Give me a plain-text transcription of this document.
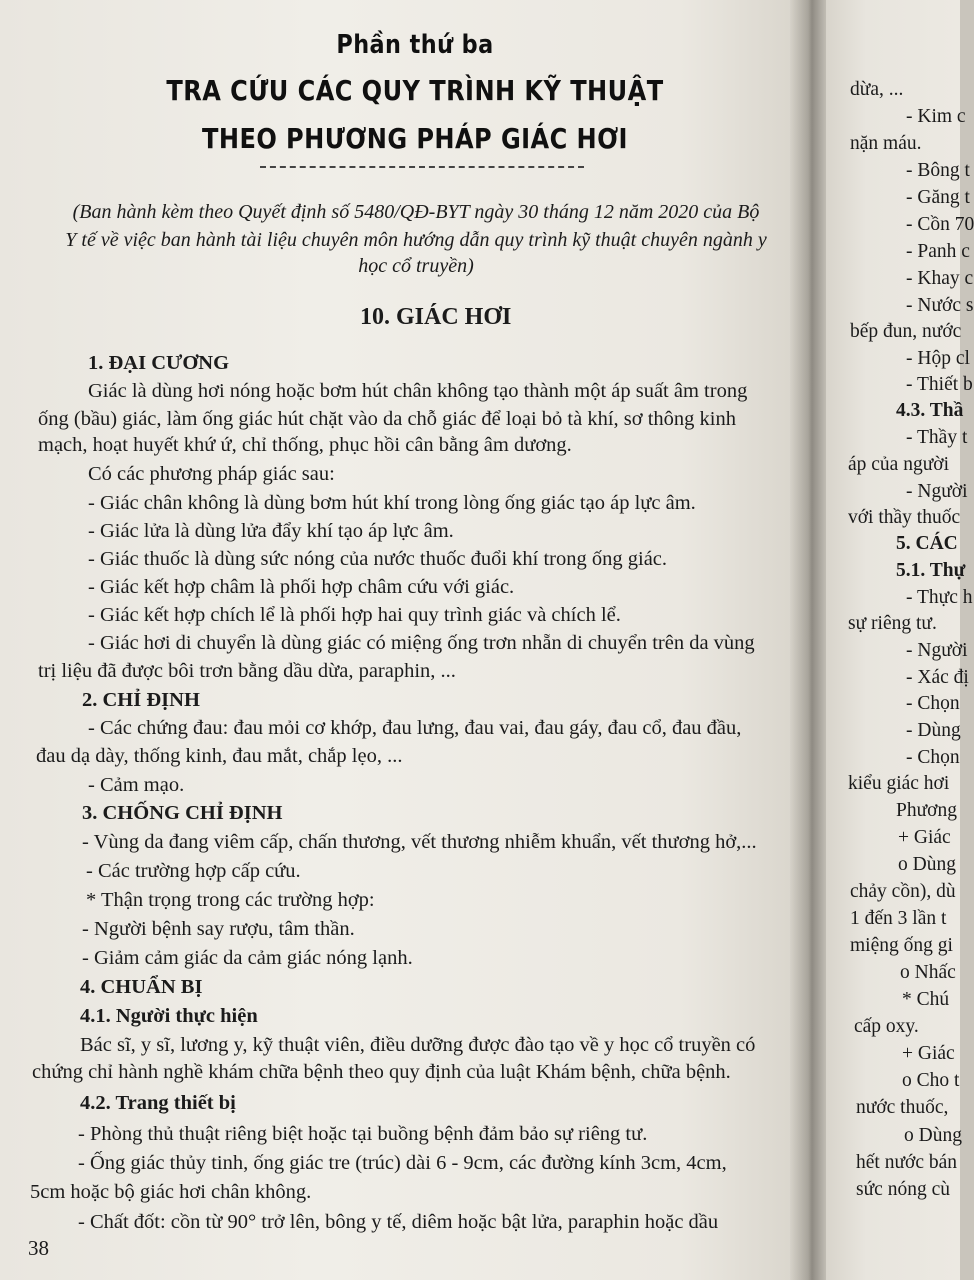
Phần thứ ba
TRA CỨU CÁC QUY TRÌNH KỸ THUẬT
THEO PHƯƠNG PHÁP GIÁC HƠI
(Ban hành kèm theo Quyết định số 5480/QĐ-BYT ngày 30 tháng 12 năm 2020 của Bộ
Y tế về việc ban hành tài liệu chuyên môn hướng dẫn quy trình kỹ thuật chuyên ngành y
học cổ truyền)
10. GIÁC HƠI
1. ĐẠI CƯƠNG
Giác là dùng hơi nóng hoặc bơm hút chân không tạo thành một áp suất âm trong
ống (bầu) giác, làm ống giác hút chặt vào da chỗ giác để loại bỏ tà khí, sơ thông kinh
mạch, hoạt huyết khứ ứ, chỉ thống, phục hồi cân bằng âm dương.
Có các phương pháp giác sau:
- Giác chân không là dùng bơm hút khí trong lòng ống giác tạo áp lực âm.
- Giác lửa là dùng lửa đẩy khí tạo áp lực âm.
- Giác thuốc là dùng sức nóng của nước thuốc đuổi khí trong ống giác.
- Giác kết hợp châm là phối hợp châm cứu với giác.
- Giác kết hợp chích lể là phối hợp hai quy trình giác và chích lể.
- Giác hơi di chuyển là dùng giác có miệng ống trơn nhẵn di chuyển trên da vùng
trị liệu đã được bôi trơn bằng dầu dừa, paraphin, ...
2. CHỈ ĐỊNH
- Các chứng đau: đau mỏi cơ khớp, đau lưng, đau vai, đau gáy, đau cổ, đau đầu,
đau dạ dày, thống kinh, đau mắt, chắp lẹo, ...
- Cảm mạo.
3. CHỐNG CHỈ ĐỊNH
- Vùng da đang viêm cấp, chấn thương, vết thương nhiễm khuẩn, vết thương hở,...
- Các trường hợp cấp cứu.
* Thận trọng trong các trường hợp:
- Người bệnh say rượu, tâm thần.
- Giảm cảm giác da cảm giác nóng lạnh.
4. CHUẨN BỊ
4.1. Người thực hiện
Bác sĩ, y sĩ, lương y, kỹ thuật viên, điều dưỡng được đào tạo về y học cổ truyền có
chứng chỉ hành nghề khám chữa bệnh theo quy định của luật Khám bệnh, chữa bệnh.
4.2. Trang thiết bị
- Phòng thủ thuật riêng biệt hoặc tại buồng bệnh đảm bảo sự riêng tư.
- Ống giác thủy tinh, ống giác tre (trúc) dài 6 - 9cm, các đường kính 3cm, 4cm,
5cm hoặc bộ giác hơi chân không.
- Chất đốt: cồn từ 90° trở lên, bông y tế, diêm hoặc bật lửa, paraphin hoặc dầu
38
dừa, ...
- Kim c
nặn máu.
- Bông t
- Găng t
- Cồn 70
- Panh c
- Khay c
- Nước s
bếp đun, nước
- Hộp cl
- Thiết b
4.3. Thầ
- Thầy t
áp của người
- Người
với thầy thuốc
5. CÁC
5.1. Thự
- Thực h
sự riêng tư.
- Người
- Xác đị
- Chọn
- Dùng
- Chọn
kiểu giác hơi
Phương
+ Giác
o Dùng
chảy cồn), dù
1 đến 3 lần t
miệng ống gi
o Nhấc
* Chú
cấp oxy.
+ Giác
o Cho t
nước thuốc,
o Dùng
hết nước bán
sức nóng cù
